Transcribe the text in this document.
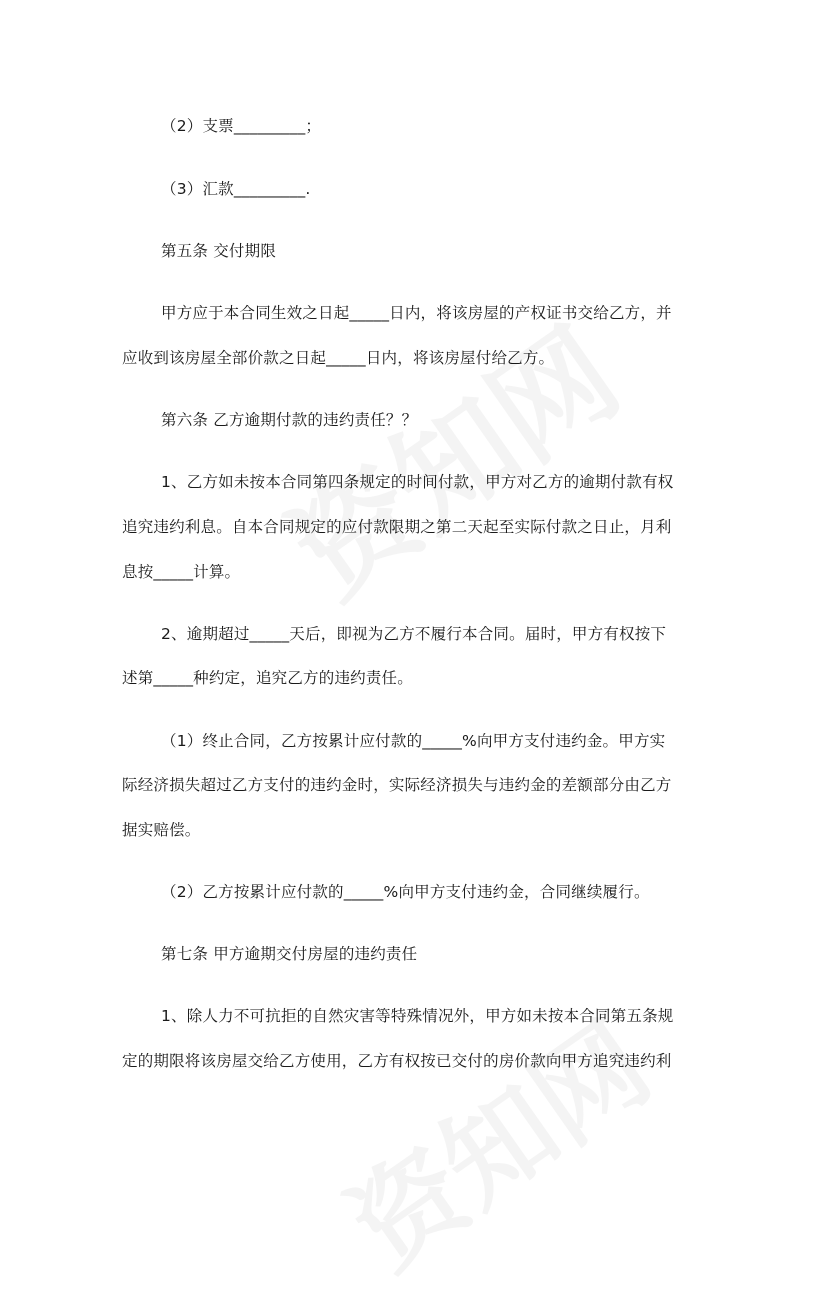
（2）支票_________；
（3）汇款_________.
第五条 交付期限
甲方应于本合同生效之日起_____日内，将该房屋的产权证书交给乙方，并
应收到该房屋全部价款之日起_____日内，将该房屋付给乙方。
第六条 乙方逾期付款的违约责任？？
1、乙方如未按本合同第四条规定的时间付款，甲方对乙方的逾期付款有权
追究违约利息。自本合同规定的应付款限期之第二天起至实际付款之日止，月利
息按_____计算。
2、逾期超过_____天后，即视为乙方不履行本合同。届时，甲方有权按下
述第_____种约定，追究乙方的违约责任。
（1）终止合同，乙方按累计应付款的_____%向甲方支付违约金。甲方实
际经济损失超过乙方支付的违约金时，实际经济损失与违约金的差额部分由乙方
据实赔偿。
（2）乙方按累计应付款的_____%向甲方支付违约金，合同继续履行。
第七条 甲方逾期交付房屋的违约责任
1、除人力不可抗拒的自然灾害等特殊情况外，甲方如未按本合同第五条规
定的期限将该房屋交给乙方使用，乙方有权按已交付的房价款向甲方追究违约利
